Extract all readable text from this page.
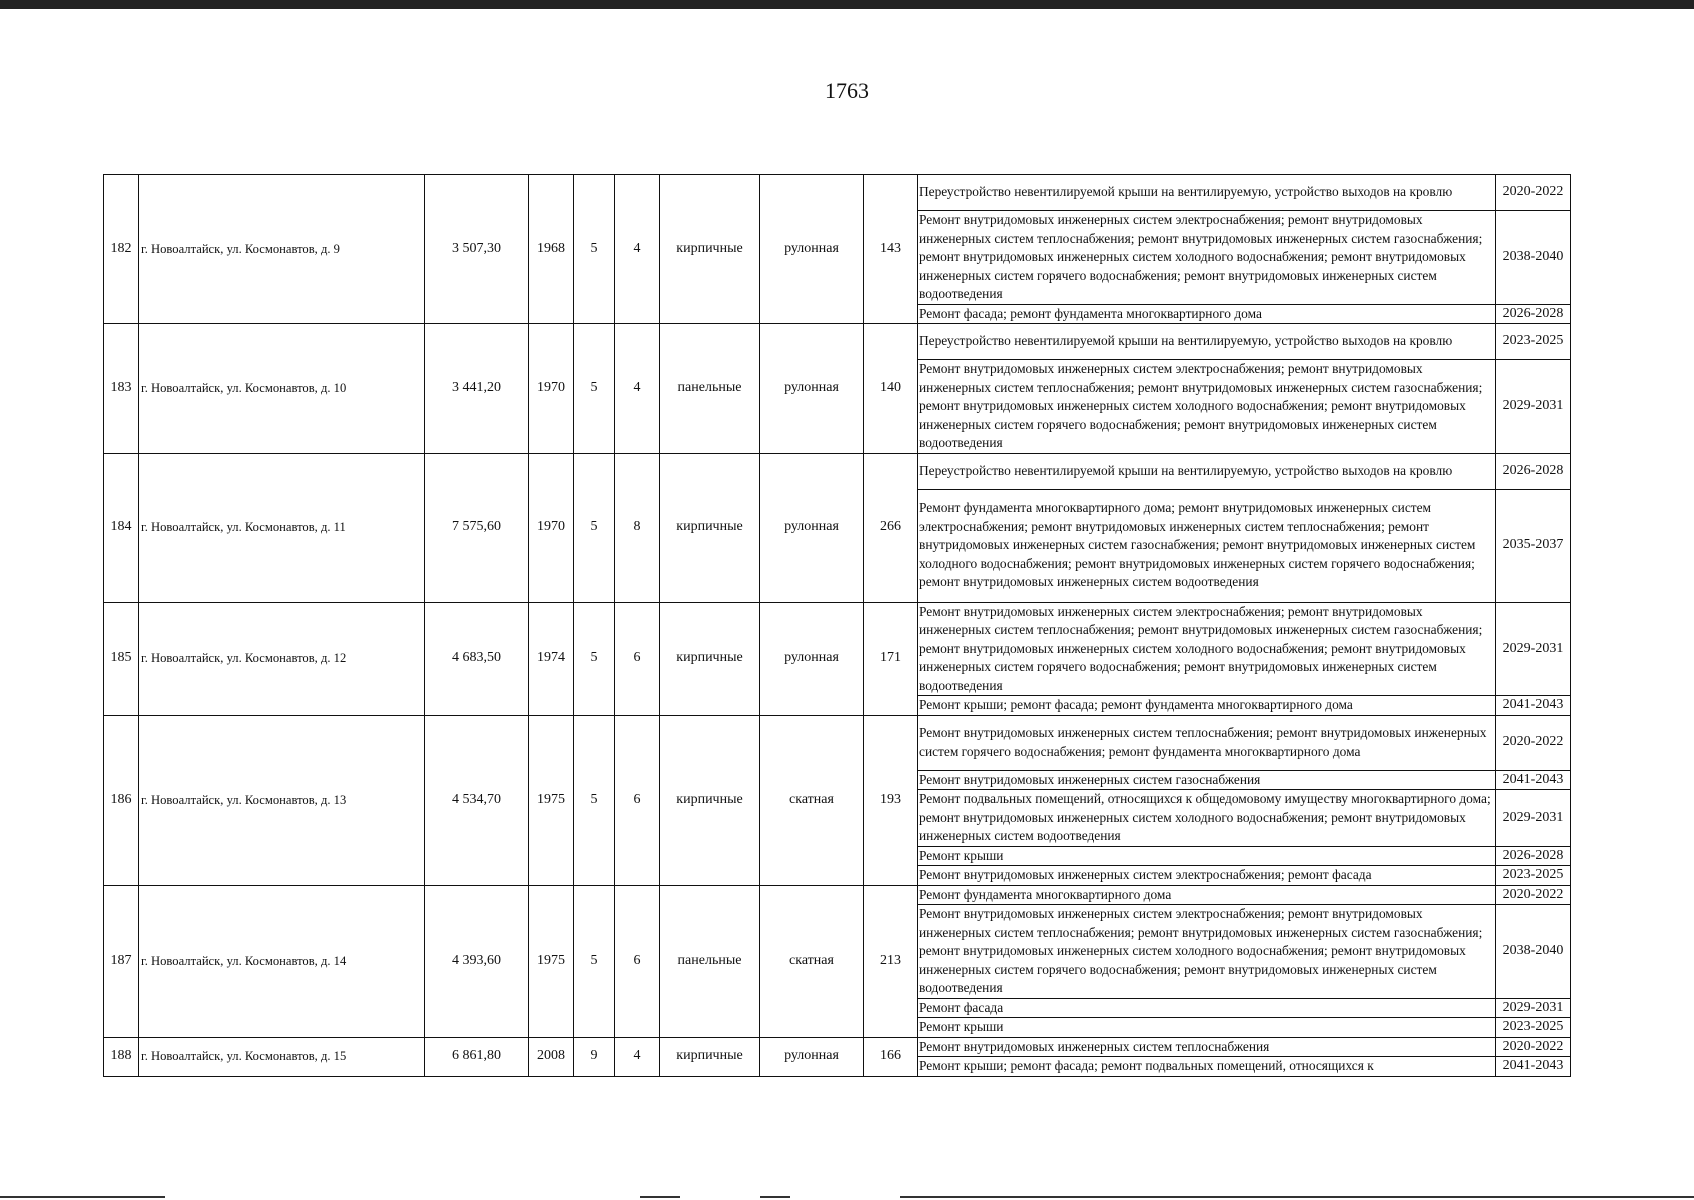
1763
182	г. Новоалтайск, ул. Космонавтов, д. 9	3 507,30	1968	5	4	кирпичные	рулонная	143	Переустройство невентилируемой крыши на вентилируемую, устройство выходов на кровлю	2020-2022
									Ремонт внутридомовых инженерных систем электроснабжения; ремонт внутридомовых инженерных систем теплоснабжения; ремонт внутридомовых инженерных систем газоснабжения; ремонт внутридомовых инженерных систем холодного водоснабжения; ремонт внутридомовых инженерных систем горячего водоснабжения; ремонт внутридомовых инженерных систем водоотведения	2038-2040
									Ремонт фасада; ремонт фундамента многоквартирного дома	2026-2028
183	г. Новоалтайск, ул. Космонавтов, д. 10	3 441,20	1970	5	4	панельные	рулонная	140	Переустройство невентилируемой крыши на вентилируемую, устройство выходов на кровлю	2023-2025
									Ремонт внутридомовых инженерных систем электроснабжения; ремонт внутридомовых инженерных систем теплоснабжения; ремонт внутридомовых инженерных систем газоснабжения; ремонт внутридомовых инженерных систем холодного водоснабжения; ремонт внутридомовых инженерных систем горячего водоснабжения; ремонт внутридомовых инженерных систем водоотведения	2029-2031
184	г. Новоалтайск, ул. Космонавтов, д. 11	7 575,60	1970	5	8	кирпичные	рулонная	266	Переустройство невентилируемой крыши на вентилируемую, устройство выходов на кровлю	2026-2028
									Ремонт фундамента многоквартирного дома; ремонт внутридомовых инженерных систем электроснабжения; ремонт внутридомовых инженерных систем теплоснабжения; ремонт внутридомовых инженерных систем газоснабжения; ремонт внутридомовых инженерных систем холодного водоснабжения; ремонт внутридомовых инженерных систем горячего водоснабжения; ремонт внутридомовых инженерных систем водоотведения	2035-2037
185	г. Новоалтайск, ул. Космонавтов, д. 12	4 683,50	1974	5	6	кирпичные	рулонная	171	Ремонт внутридомовых инженерных систем электроснабжения; ремонт внутридомовых инженерных систем теплоснабжения; ремонт внутридомовых инженерных систем газоснабжения; ремонт внутридомовых инженерных систем холодного водоснабжения; ремонт внутридомовых инженерных систем горячего водоснабжения; ремонт внутридомовых инженерных систем водоотведения	2029-2031
									Ремонт крыши; ремонт фасада; ремонт фундамента многоквартирного дома	2041-2043
186	г. Новоалтайск, ул. Космонавтов, д. 13	4 534,70	1975	5	6	кирпичные	скатная	193	Ремонт внутридомовых инженерных систем теплоснабжения; ремонт внутридомовых инженерных систем горячего водоснабжения; ремонт фундамента многоквартирного дома	2020-2022
									Ремонт внутридомовых инженерных систем газоснабжения	2041-2043
									Ремонт подвальных помещений, относящихся к общедомовому имуществу многоквартирного дома; ремонт внутридомовых инженерных систем холодного водоснабжения; ремонт внутридомовых инженерных систем водоотведения	2029-2031
									Ремонт крыши	2026-2028
									Ремонт внутридомовых инженерных систем электроснабжения; ремонт фасада	2023-2025
187	г. Новоалтайск, ул. Космонавтов, д. 14	4 393,60	1975	5	6	панельные	скатная	213	Ремонт фундамента многоквартирного дома	2020-2022
									Ремонт внутридомовых инженерных систем электроснабжения; ремонт внутридомовых инженерных систем теплоснабжения; ремонт внутридомовых инженерных систем газоснабжения; ремонт внутридомовых инженерных систем холодного водоснабжения; ремонт внутридомовых инженерных систем горячего водоснабжения; ремонт внутридомовых инженерных систем водоотведения	2038-2040
									Ремонт фасада	2029-2031
									Ремонт крыши	2023-2025
188	г. Новоалтайск, ул. Космонавтов, д. 15	6 861,80	2008	9	4	кирпичные	рулонная	166	Ремонт внутридомовых инженерных систем теплоснабжения	2020-2022
									Ремонт крыши; ремонт фасада; ремонт подвальных помещений, относящихся к	2041-2043
